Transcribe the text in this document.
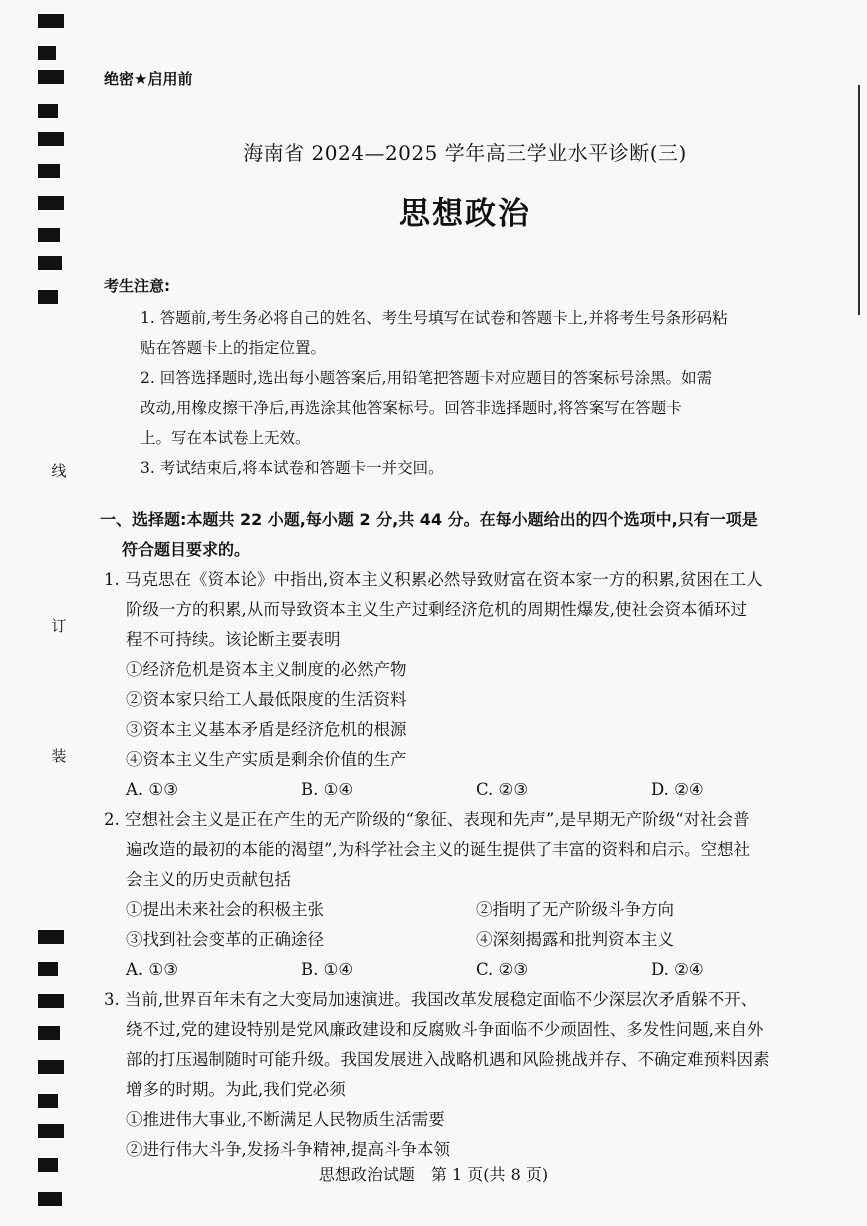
线
订
装
绝密★启用前
海南省 2024—2025 学年高三学业水平诊断(三)
思想政治
考生注意:
1. 答题前,考生务必将自己的姓名、考生号填写在试卷和答题卡上,并将考生号条形码粘
贴在答题卡上的指定位置。
2. 回答选择题时,选出每小题答案后,用铅笔把答题卡对应题目的答案标号涂黑。如需
改动,用橡皮擦干净后,再选涂其他答案标号。回答非选择题时,将答案写在答题卡
上。写在本试卷上无效。
3. 考试结束后,将本试卷和答题卡一并交回。
一、选择题:本题共 22 小题,每小题 2 分,共 44 分。在每小题给出的四个选项中,只有一项是
符合题目要求的。
1. 马克思在《资本论》中指出,资本主义积累必然导致财富在资本家一方的积累,贫困在工人
阶级一方的积累,从而导致资本主义生产过剩经济危机的周期性爆发,使社会资本循环过
程不可持续。该论断主要表明
①经济危机是资本主义制度的必然产物
②资本家只给工人最低限度的生活资料
③资本主义基本矛盾是经济危机的根源
④资本主义生产实质是剩余价值的生产
A. ①③	B. ①④	C. ②③	D. ②④
2. 空想社会主义是正在产生的无产阶级的“象征、表现和先声”,是早期无产阶级“对社会普
遍改造的最初的本能的渴望”,为科学社会主义的诞生提供了丰富的资料和启示。空想社
会主义的历史贡献包括
①提出未来社会的积极主张	②指明了无产阶级斗争方向
③找到社会变革的正确途径	④深刻揭露和批判资本主义
A. ①③	B. ①④	C. ②③	D. ②④
3. 当前,世界百年未有之大变局加速演进。我国改革发展稳定面临不少深层次矛盾躲不开、
绕不过,党的建设特别是党风廉政建设和反腐败斗争面临不少顽固性、多发性问题,来自外
部的打压遏制随时可能升级。我国发展进入战略机遇和风险挑战并存、不确定难预料因素
增多的时期。为此,我们党必须
①推进伟大事业,不断满足人民物质生活需要
②进行伟大斗争,发扬斗争精神,提高斗争本领
思想政治试题　第 1 页(共 8 页)
